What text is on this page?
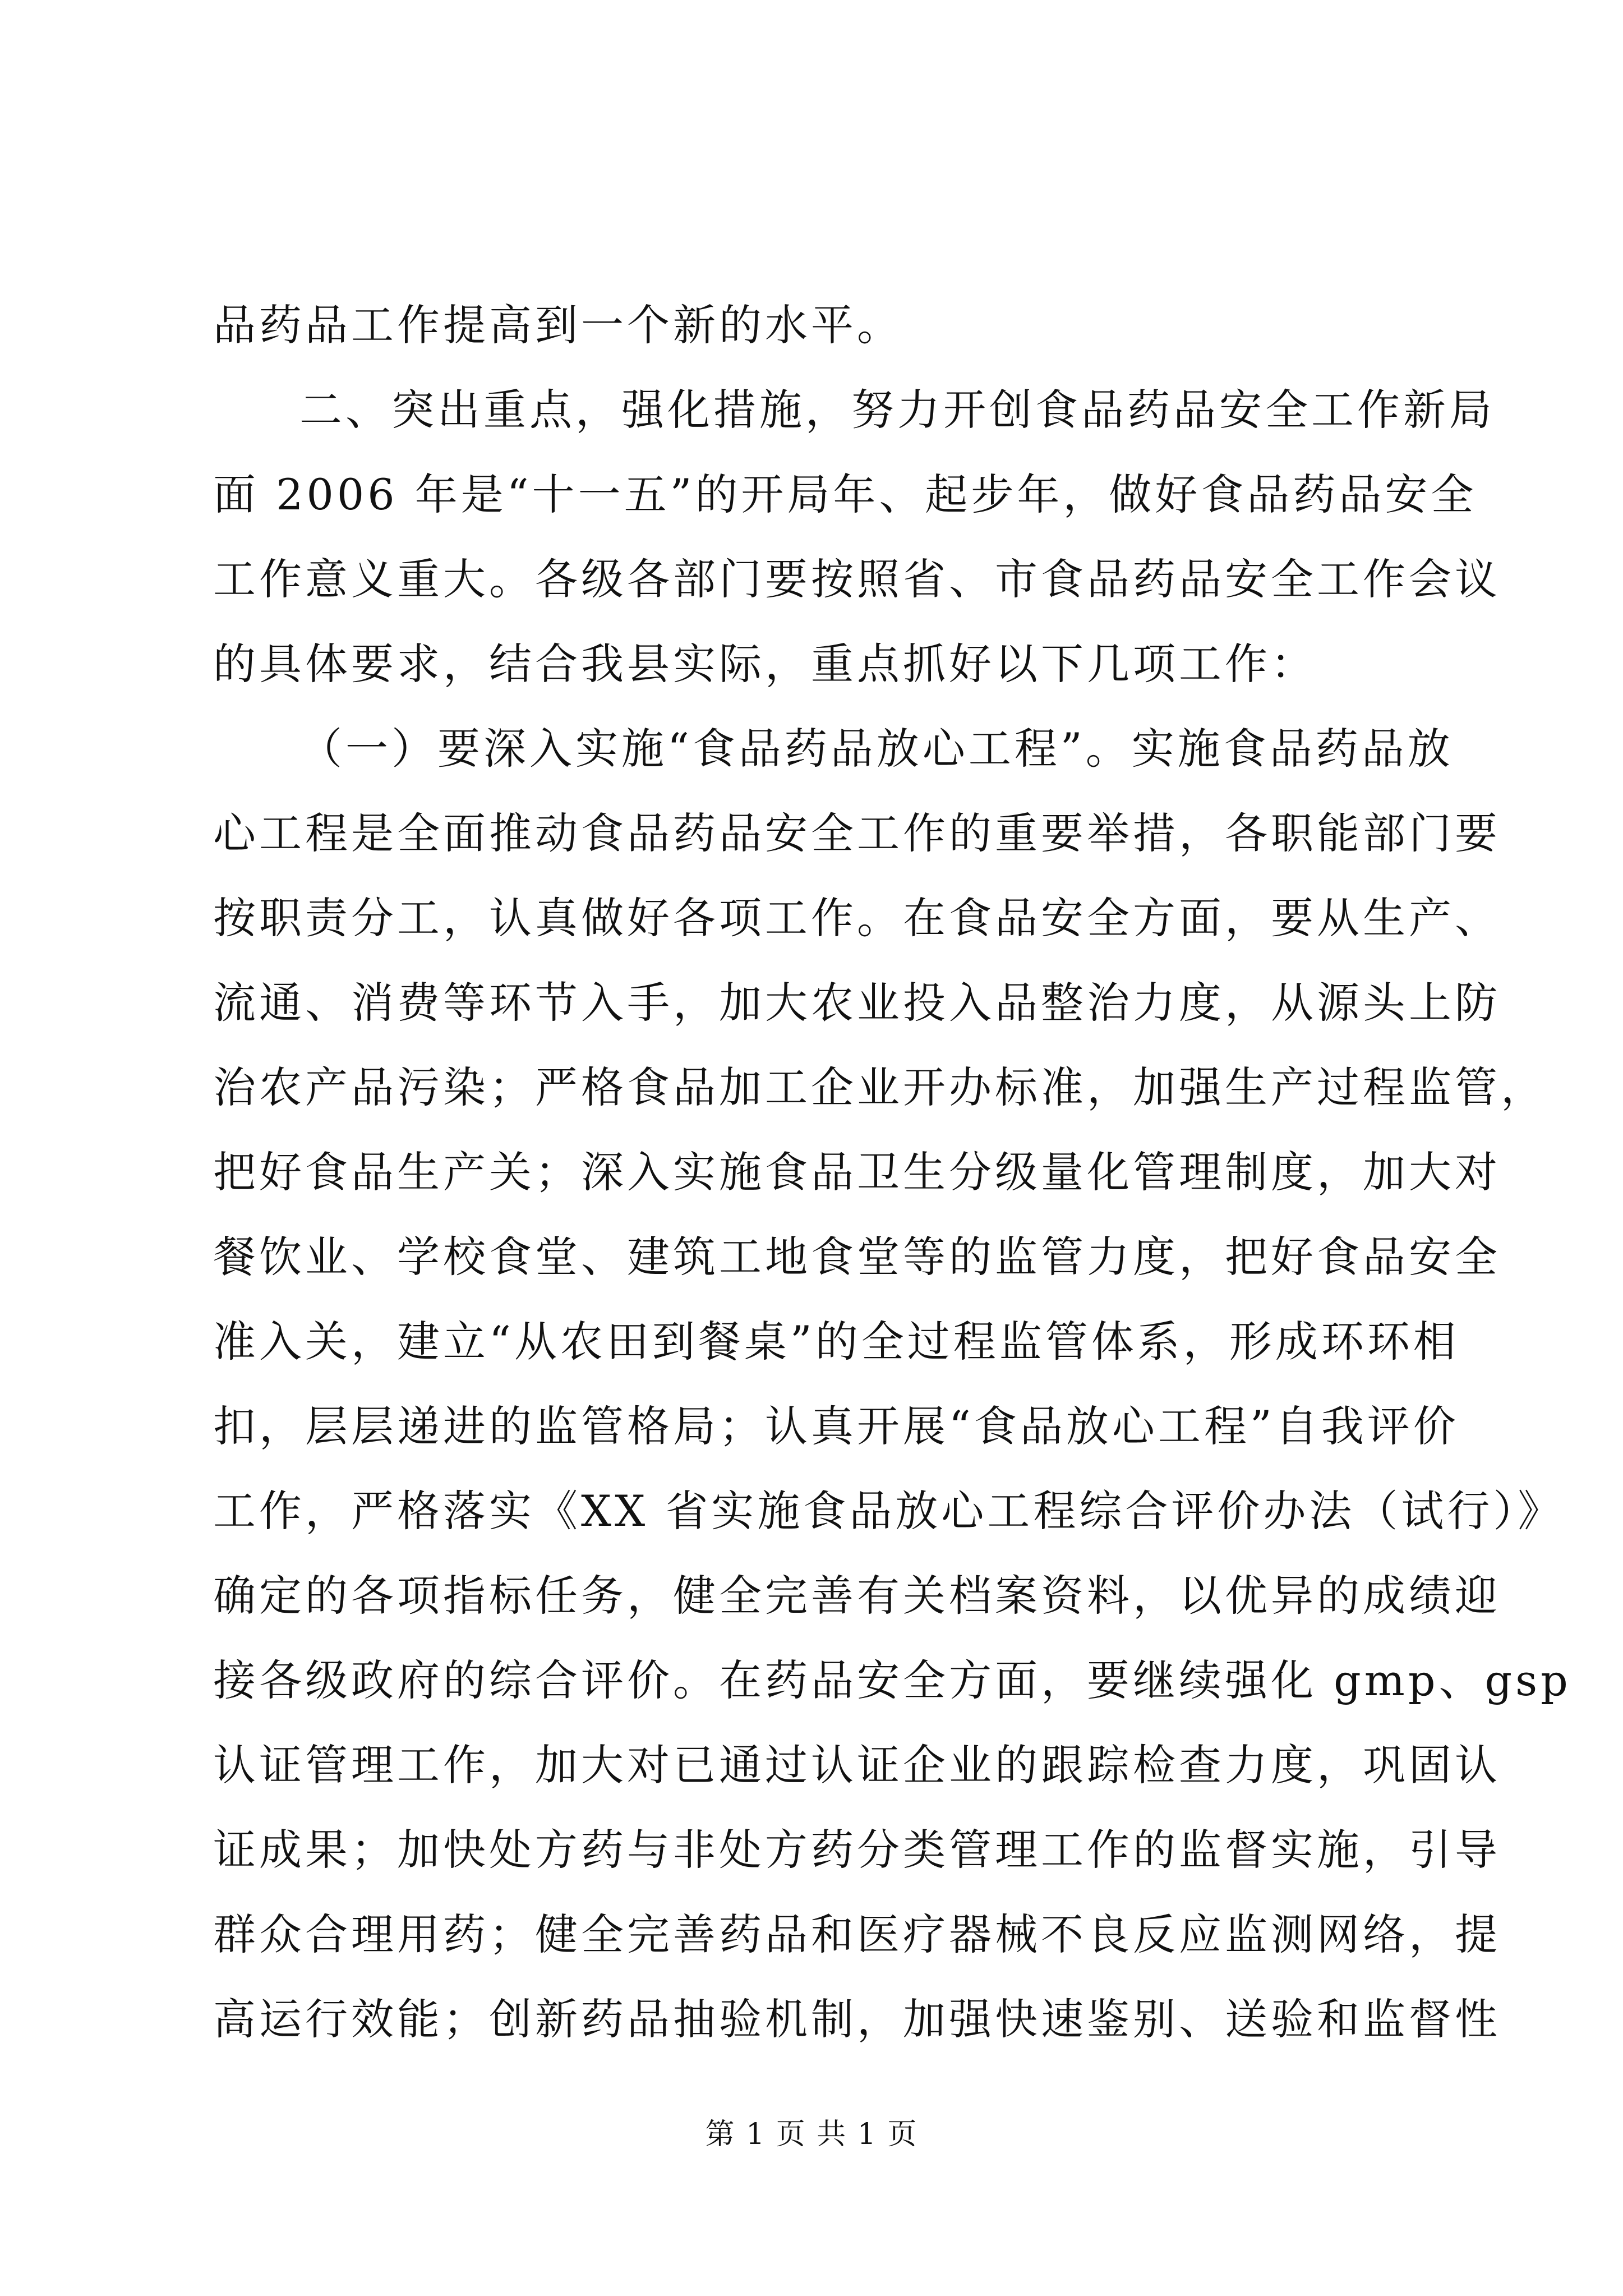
品药品工作提高到一个新的水平。
二、突出重点，强化措施，努力开创食品药品安全工作新局
面 2006 年是“十一五”的开局年、起步年，做好食品药品安全
工作意义重大。各级各部门要按照省、市食品药品安全工作会议
的具体要求，结合我县实际，重点抓好以下几项工作：
（一）要深入实施“食品药品放心工程”。实施食品药品放
心工程是全面推动食品药品安全工作的重要举措，各职能部门要
按职责分工，认真做好各项工作。在食品安全方面，要从生产、
流通、消费等环节入手，加大农业投入品整治力度，从源头上防
治农产品污染；严格食品加工企业开办标准，加强生产过程监管，
把好食品生产关；深入实施食品卫生分级量化管理制度，加大对
餐饮业、学校食堂、建筑工地食堂等的监管力度，把好食品安全
准入关，建立“从农田到餐桌”的全过程监管体系，形成环环相
扣，层层递进的监管格局；认真开展“食品放心工程”自我评价
工作，严格落实《XX 省实施食品放心工程综合评价办法（试行）》
确定的各项指标任务，健全完善有关档案资料，以优异的成绩迎
接各级政府的综合评价。在药品安全方面，要继续强化 gmp、gsp
认证管理工作，加大对已通过认证企业的跟踪检查力度，巩固认
证成果；加快处方药与非处方药分类管理工作的监督实施，引导
群众合理用药；健全完善药品和医疗器械不良反应监测网络，提
高运行效能；创新药品抽验机制，加强快速鉴别、送验和监督性
第 1 页 共 1 页
